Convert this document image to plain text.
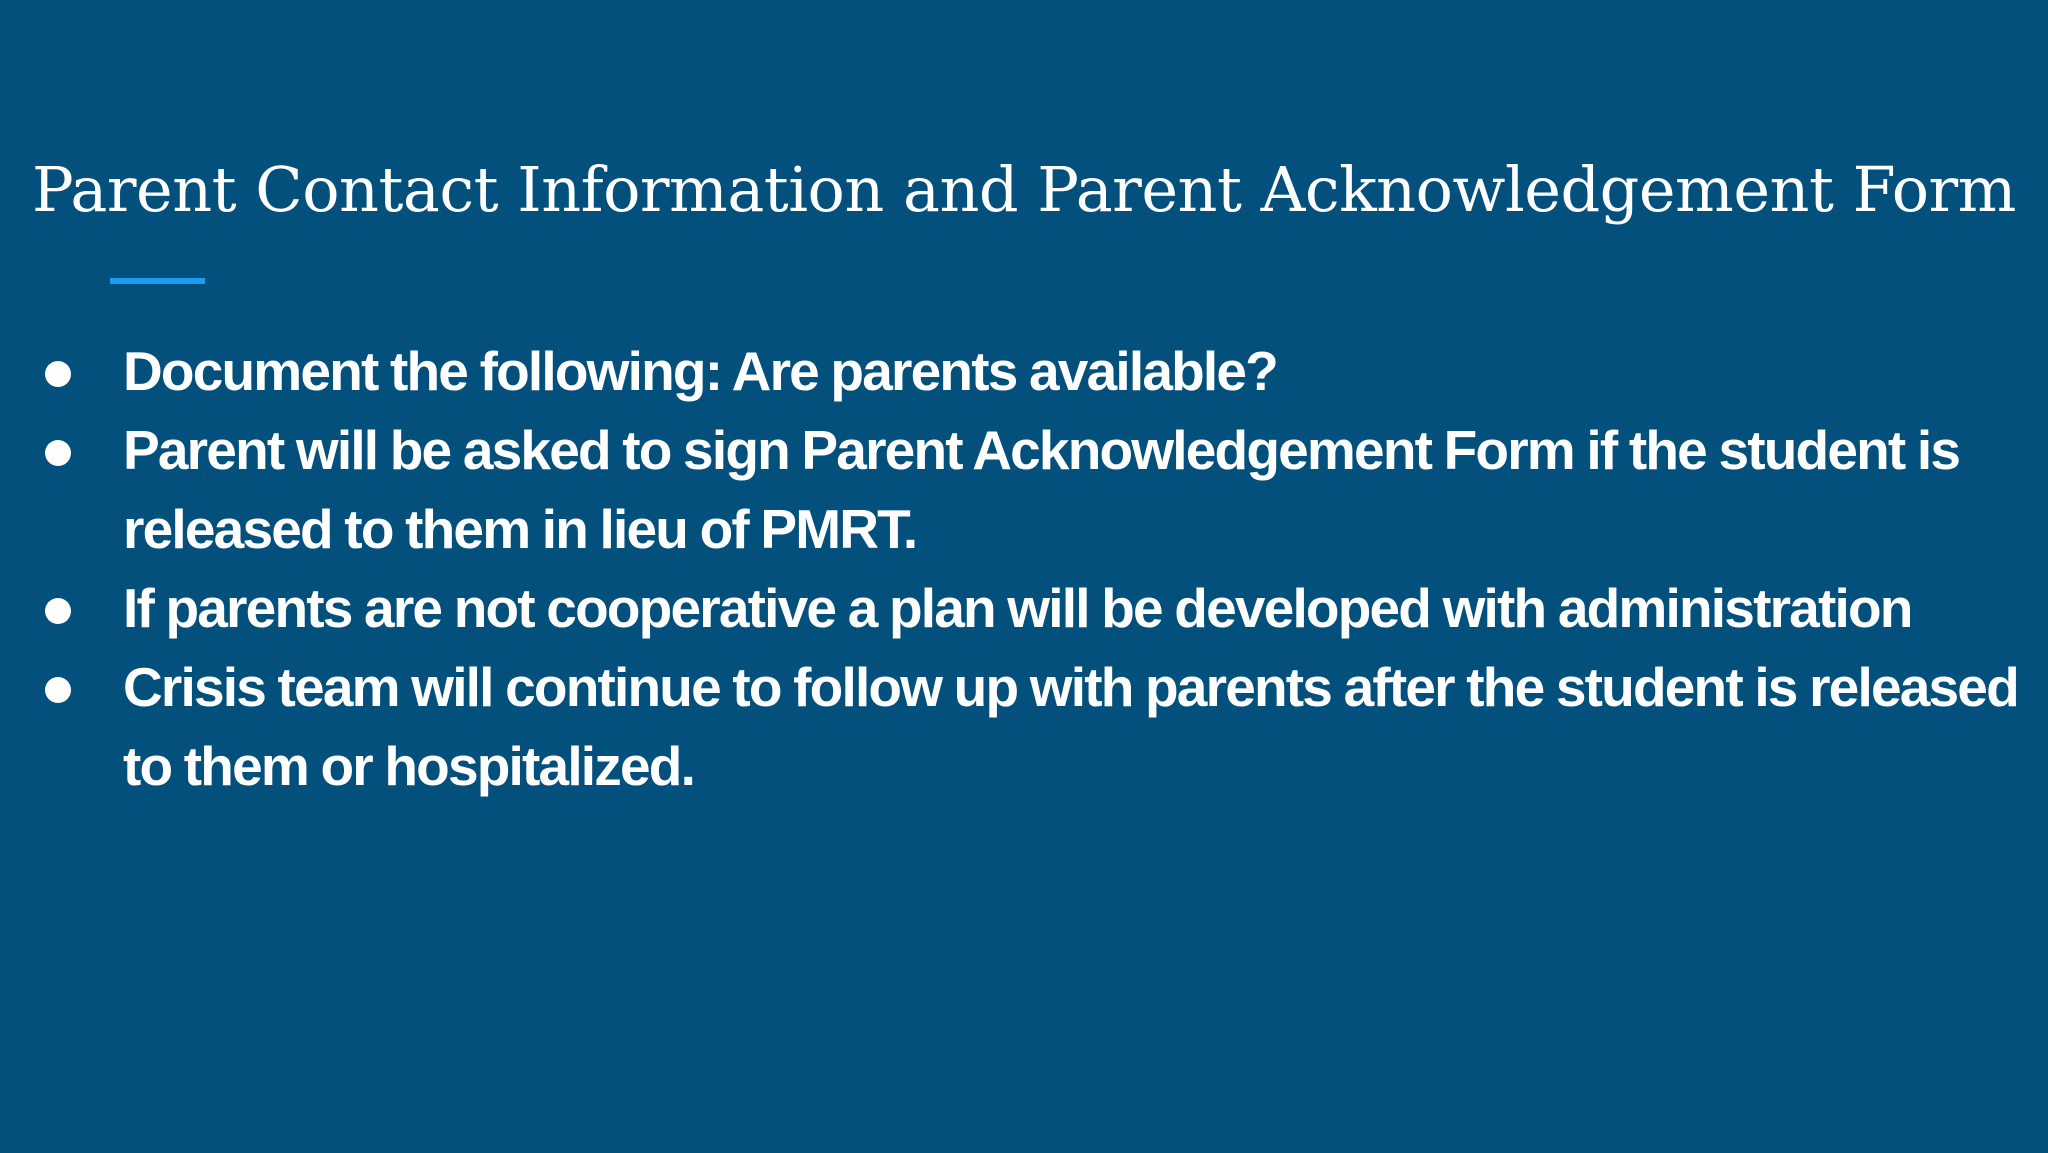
Parent Contact Information and Parent Acknowledgement Form
Document the following: Are parents available?
Parent will be asked to sign Parent Acknowledgement Form if the student is released to them in lieu of PMRT.
If parents are not cooperative a plan will be developed with administration
Crisis team will continue to follow up with parents after the student is released to them or hospitalized.
